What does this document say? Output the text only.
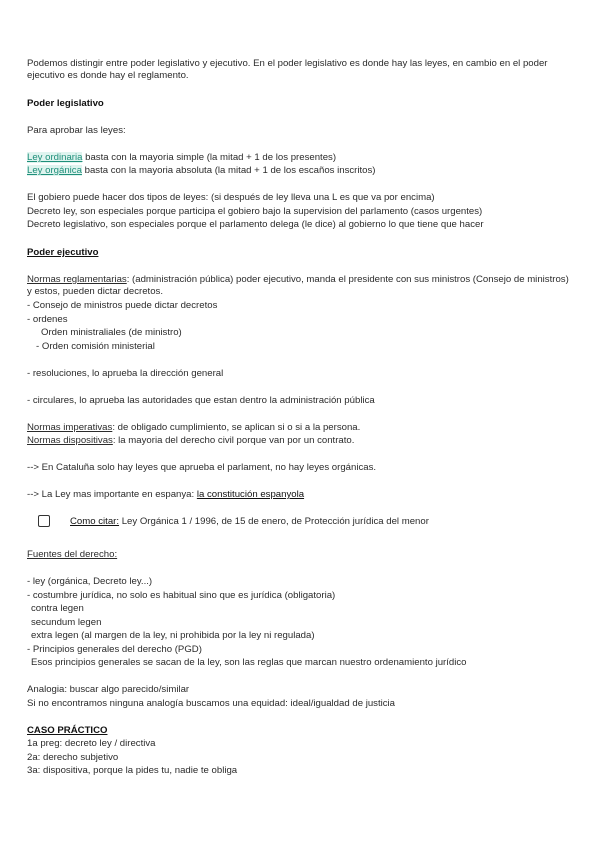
Podemos distingir entre poder legislativo y ejecutivo. En el poder legislativo es donde hay las leyes, en cambio en el poder ejecutivo es donde hay el reglamento.
Poder legislativo
Para aprobar las leyes:
Ley ordinaria basta con la mayoria simple (la mitad + 1 de los presentes)
Ley orgánica basta con la mayoria absoluta (la mitad + 1 de los escaños inscritos)
El gobiero puede hacer dos tipos de leyes: (si después de ley lleva una L es que va por encima)
Decreto ley, son especiales porque participa el gobiero bajo la supervision del parlamento (casos urgentes)
Decreto legislativo, son especiales porque el parlamento delega (le dice) al gobierno lo que tiene que hacer
Poder ejecutivo
Normas reglamentarias: (administración pública) poder ejecutivo, manda el presidente con sus ministros (Consejo de ministros) y estos, pueden dictar decretos.
- Consejo de ministros puede dictar decretos
- ordenes
Orden ministraliales (de ministro)
- Orden comisión ministerial
- resoluciones, lo aprueba la dirección general
- circulares, lo aprueba las autoridades que estan dentro la administración pública
Normas imperativas: de obligado cumplimiento, se aplican si o si a la persona.
Normas dispositivas: la mayoria del derecho civil porque van por un contrato.
--> En Cataluña solo hay leyes que aprueba el parlament, no hay leyes orgánicas.
--> La Ley mas importante en espanya: la constitución espanyola
Como citar: Ley Orgánica 1 / 1996, de 15 de enero, de Protección jurídica del menor
Fuentes del derecho:
- ley (orgánica, Decreto ley...)
- costumbre jurídica, no solo es habitual sino que es jurídica (obligatoria)
contra legen
secundum legen
extra legen (al margen de la ley, ni prohibida por la ley ni regulada)
- Principios generales del derecho (PGD)
Esos principios generales se sacan de la ley, son las reglas que marcan nuestro ordenamiento jurídico
Analogia: buscar algo parecido/similar
Si no encontramos ninguna analogía buscamos una equidad: ideal/igualdad de justicia
CASO PRÁCTICO
1a preg: decreto ley / directiva
2a: derecho subjetivo
3a: dispositiva, porque la pides tu, nadie te obliga
